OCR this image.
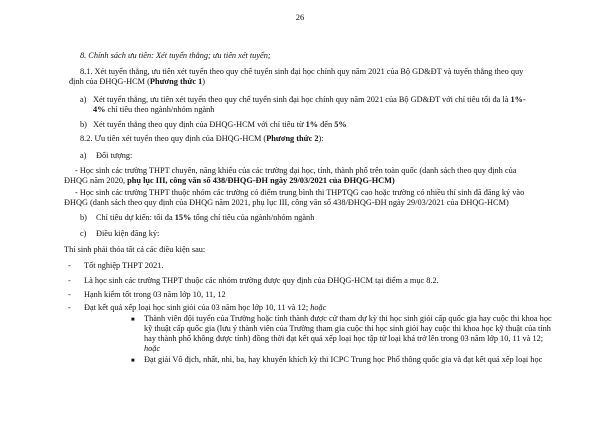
26
8. Chính sách ưu tiên: Xét tuyển thẳng; ưu tiên xét tuyển;
8.1. Xét tuyển thẳng, ưu tiên xét tuyển theo quy chế tuyển sinh đại học chính quy năm 2021 của Bộ GD&ĐT và tuyển thẳng theo quy
định của ĐHQG-HCM (Phương thức 1)
a) Xét tuyển thẳng, ưu tiên xét tuyển theo quy chế tuyển sinh đại học chính quy năm 2021 của Bộ GD&ĐT với chỉ tiêu tối đa là 1%-
4% chỉ tiêu theo ngành/nhóm ngành
b) Xét tuyển thẳng theo quy định của ĐHQG-HCM với chỉ tiêu từ 1% đến 5%
8.2. Ưu tiên xét tuyển theo quy định của ĐHQG-HCM (Phương thức 2):
a) Đối tượng:
- Học sinh các trường THPT chuyên, năng khiếu của các trường đại học, tỉnh, thành phố trên toàn quốc (danh sách theo quy định của
ĐHQG năm 2020, phụ lục III, công văn số 438/ĐHQG-ĐH ngày 29/03/2021 của ĐHQG-HCM)
- Học sinh các trường THPT thuộc nhóm các trường có điểm trung bình thi THPTQG cao hoặc trường có nhiều thí sinh đã đăng ký vào
ĐHQG (danh sách theo quy định của ĐHQG năm 2021, phụ lục III, công văn số 438/ĐHQG-ĐH ngày 29/03/2021 của ĐHQG-HCM)
b) Chỉ tiêu dự kiến: tối đa 15% tổng chỉ tiêu của ngành/nhóm ngành
c) Điều kiện đăng ký:
Thí sinh phải thỏa tất cả các điều kiện sau:
- Tốt nghiệp THPT 2021.
- Là học sinh các trường THPT thuộc các nhóm trường được quy định của ĐHQG-HCM tại điểm a mục 8.2.
- Hạnh kiểm tốt trong 03 năm lớp 10, 11, 12
- Đạt kết quả xếp loại học sinh giỏi của 03 năm học lớp 10, 11 và 12; hoặc
■ Thành viên đội tuyển của Trường hoặc tỉnh thành được cử tham dự kỳ thi học sinh giỏi cấp quốc gia hay cuộc thi khoa học
kỹ thuật cấp quốc gia (lưu ý thành viên của Trường tham gia cuộc thi học sinh giỏi hay cuộc thi khoa học kỹ thuật của tỉnh
hay thành phố không được tính) đồng thời đạt kết quả xếp loại học tập từ loại khá trở lên trong 03 năm lớp 10, 11 và 12;
hoặc
■ Đạt giải Vô địch, nhất, nhì, ba, hay khuyến khích kỳ thi ICPC Trung học Phổ thông quốc gia và đạt kết quả xếp loại học
